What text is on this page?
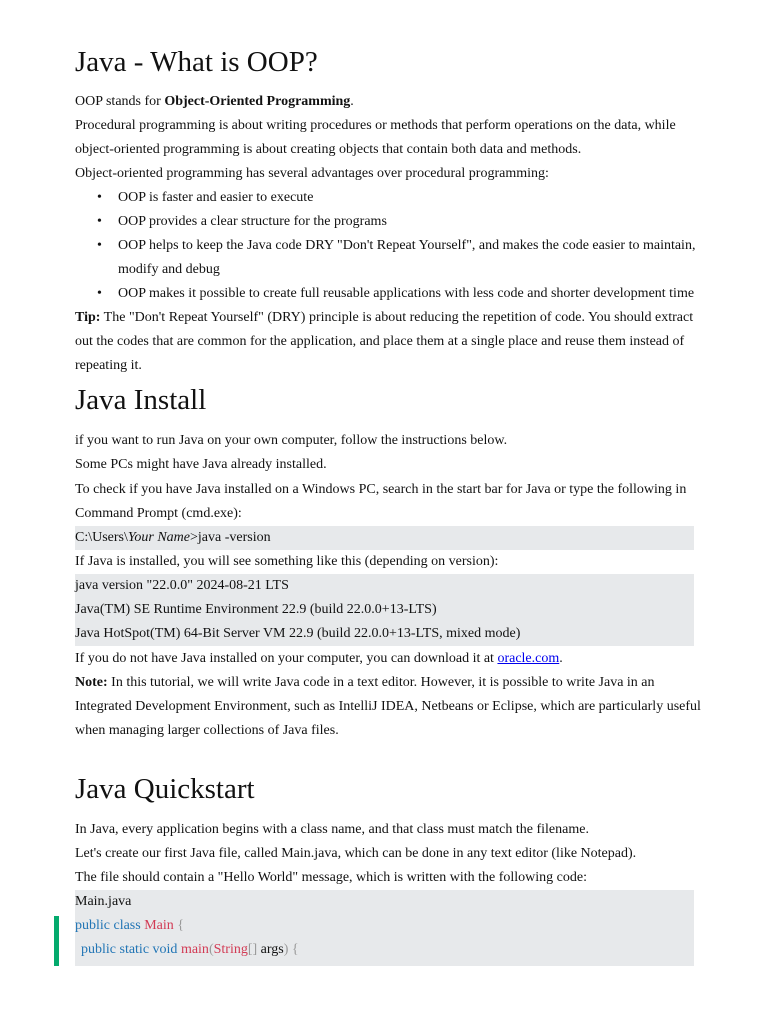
Java - What is OOP?
OOP stands for Object-Oriented Programming.
Procedural programming is about writing procedures or methods that perform operations on the data, while
object-oriented programming is about creating objects that contain both data and methods.
Object-oriented programming has several advantages over procedural programming:
• OOP is faster and easier to execute
• OOP provides a clear structure for the programs
• OOP helps to keep the Java code DRY "Don't Repeat Yourself", and makes the code easier to maintain,
modify and debug
• OOP makes it possible to create full reusable applications with less code and shorter development time
Tip: The "Don't Repeat Yourself" (DRY) principle is about reducing the repetition of code. You should extract
out the codes that are common for the application, and place them at a single place and reuse them instead of
repeating it.
Java Install
if you want to run Java on your own computer, follow the instructions below.
Some PCs might have Java already installed.
To check if you have Java installed on a Windows PC, search in the start bar for Java or type the following in
Command Prompt (cmd.exe):
C:\Users\Your Name>java -version
If Java is installed, you will see something like this (depending on version):
java version "22.0.0" 2024-08-21 LTS
Java(TM) SE Runtime Environment 22.9 (build 22.0.0+13-LTS)
Java HotSpot(TM) 64-Bit Server VM 22.9 (build 22.0.0+13-LTS, mixed mode)
If you do not have Java installed on your computer, you can download it at oracle.com.
Note: In this tutorial, we will write Java code in a text editor. However, it is possible to write Java in an
Integrated Development Environment, such as IntelliJ IDEA, Netbeans or Eclipse, which are particularly useful
when managing larger collections of Java files.
Java Quickstart
In Java, every application begins with a class name, and that class must match the filename.
Let's create our first Java file, called Main.java, which can be done in any text editor (like Notepad).
The file should contain a "Hello World" message, which is written with the following code:
Main.java
public class Main {
public static void main(String[] args) {
